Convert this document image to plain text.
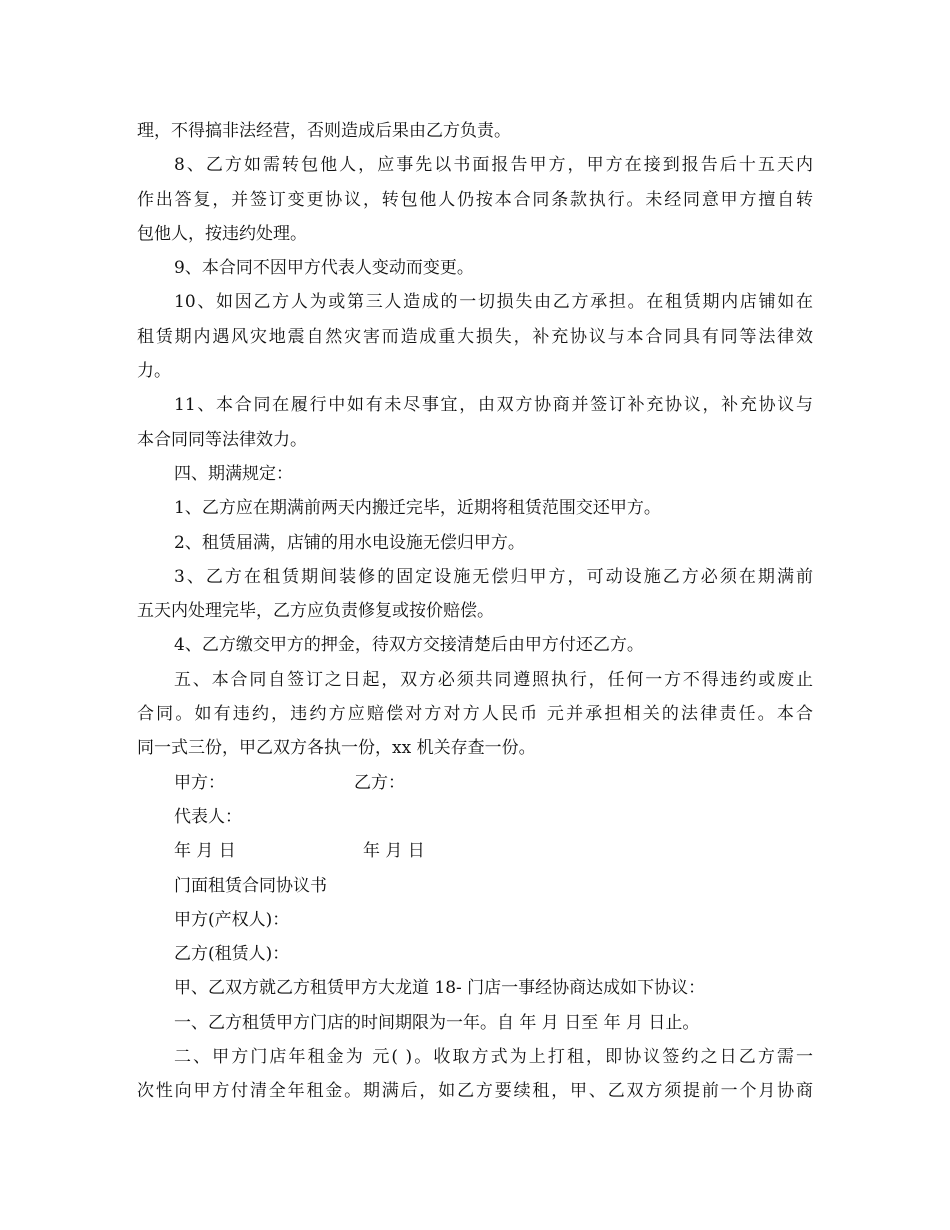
理，不得搞非法经营，否则造成后果由乙方负责。
8、乙方如需转包他人，应事先以书面报告甲方，甲方在接到报告后十五天内
作出答复，并签订变更协议，转包他人仍按本合同条款执行。未经同意甲方擅自转
包他人，按违约处理。
9、本合同不因甲方代表人变动而变更。
10、如因乙方人为或第三人造成的一切损失由乙方承担。在租赁期内店铺如在
租赁期内遇风灾地震自然灾害而造成重大损失，补充协议与本合同具有同等法律效
力。
11、本合同在履行中如有未尽事宜，由双方协商并签订补充协议，补充协议与
本合同同等法律效力。
四、期满规定：
1、乙方应在期满前两天内搬迁完毕，近期将租赁范围交还甲方。
2、租赁届满，店铺的用水电设施无偿归甲方。
3、乙方在租赁期间装修的固定设施无偿归甲方，可动设施乙方必须在期满前
五天内处理完毕，乙方应负责修复或按价赔偿。
4、乙方缴交甲方的押金，待双方交接清楚后由甲方付还乙方。
五、本合同自签订之日起，双方必须共同遵照执行，任何一方不得违约或废止
合同。如有违约，违约方应赔偿对方对方人民币 元并承担相关的法律责任。本合
同一式三份，甲乙双方各执一份，xx 机关存查一份。
甲方：	乙方：
代表人：
年 月 日	年 月 日
门面租赁合同协议书
甲方(产权人)：
乙方(租赁人)：
甲、乙双方就乙方租赁甲方大龙道 18- 门店一事经协商达成如下协议：
一、乙方租赁甲方门店的时间期限为一年。自 年 月 日至 年 月 日止。
二、甲方门店年租金为 元( )。收取方式为上打租，即协议签约之日乙方需一
次性向甲方付清全年租金。期满后，如乙方要续租，甲、乙双方须提前一个月协商
